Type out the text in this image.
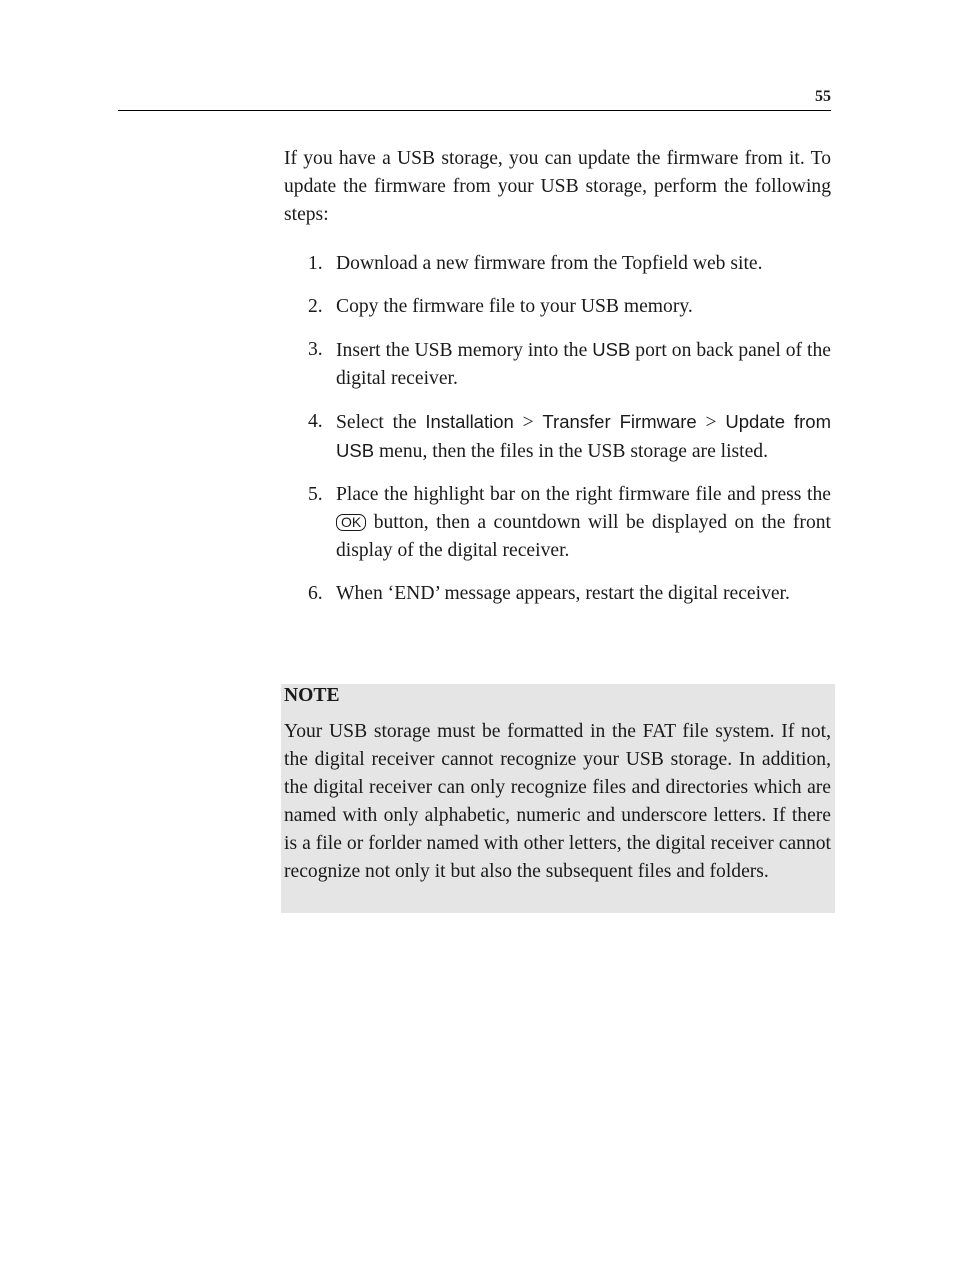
55

If you have a USB storage, you can update the firmware from it. To update the firmware from your USB storage, perform the following steps:

1. Download a new firmware from the Topfield web site.
2. Copy the firmware file to your USB memory.
3. Insert the USB memory into the USB port on back panel of the digital receiver.
4. Select the Installation > Transfer Firmware > Update from USB menu, then the files in the USB storage are listed.
5. Place the highlight bar on the right firmware file and press the OK button, then a countdown will be displayed on the front display of the digital receiver.
6. When ‘END’ message appears, restart the digital receiver.
NOTE

Your USB storage must be formatted in the FAT file system. If not, the digital receiver cannot recognize your USB storage. In addition, the digital receiver can only recognize files and directories which are named with only alphabetic, numeric and underscore letters. If there is a file or forlder named with other letters, the digital receiver cannot recognize not only it but also the subsequent files and folders.
